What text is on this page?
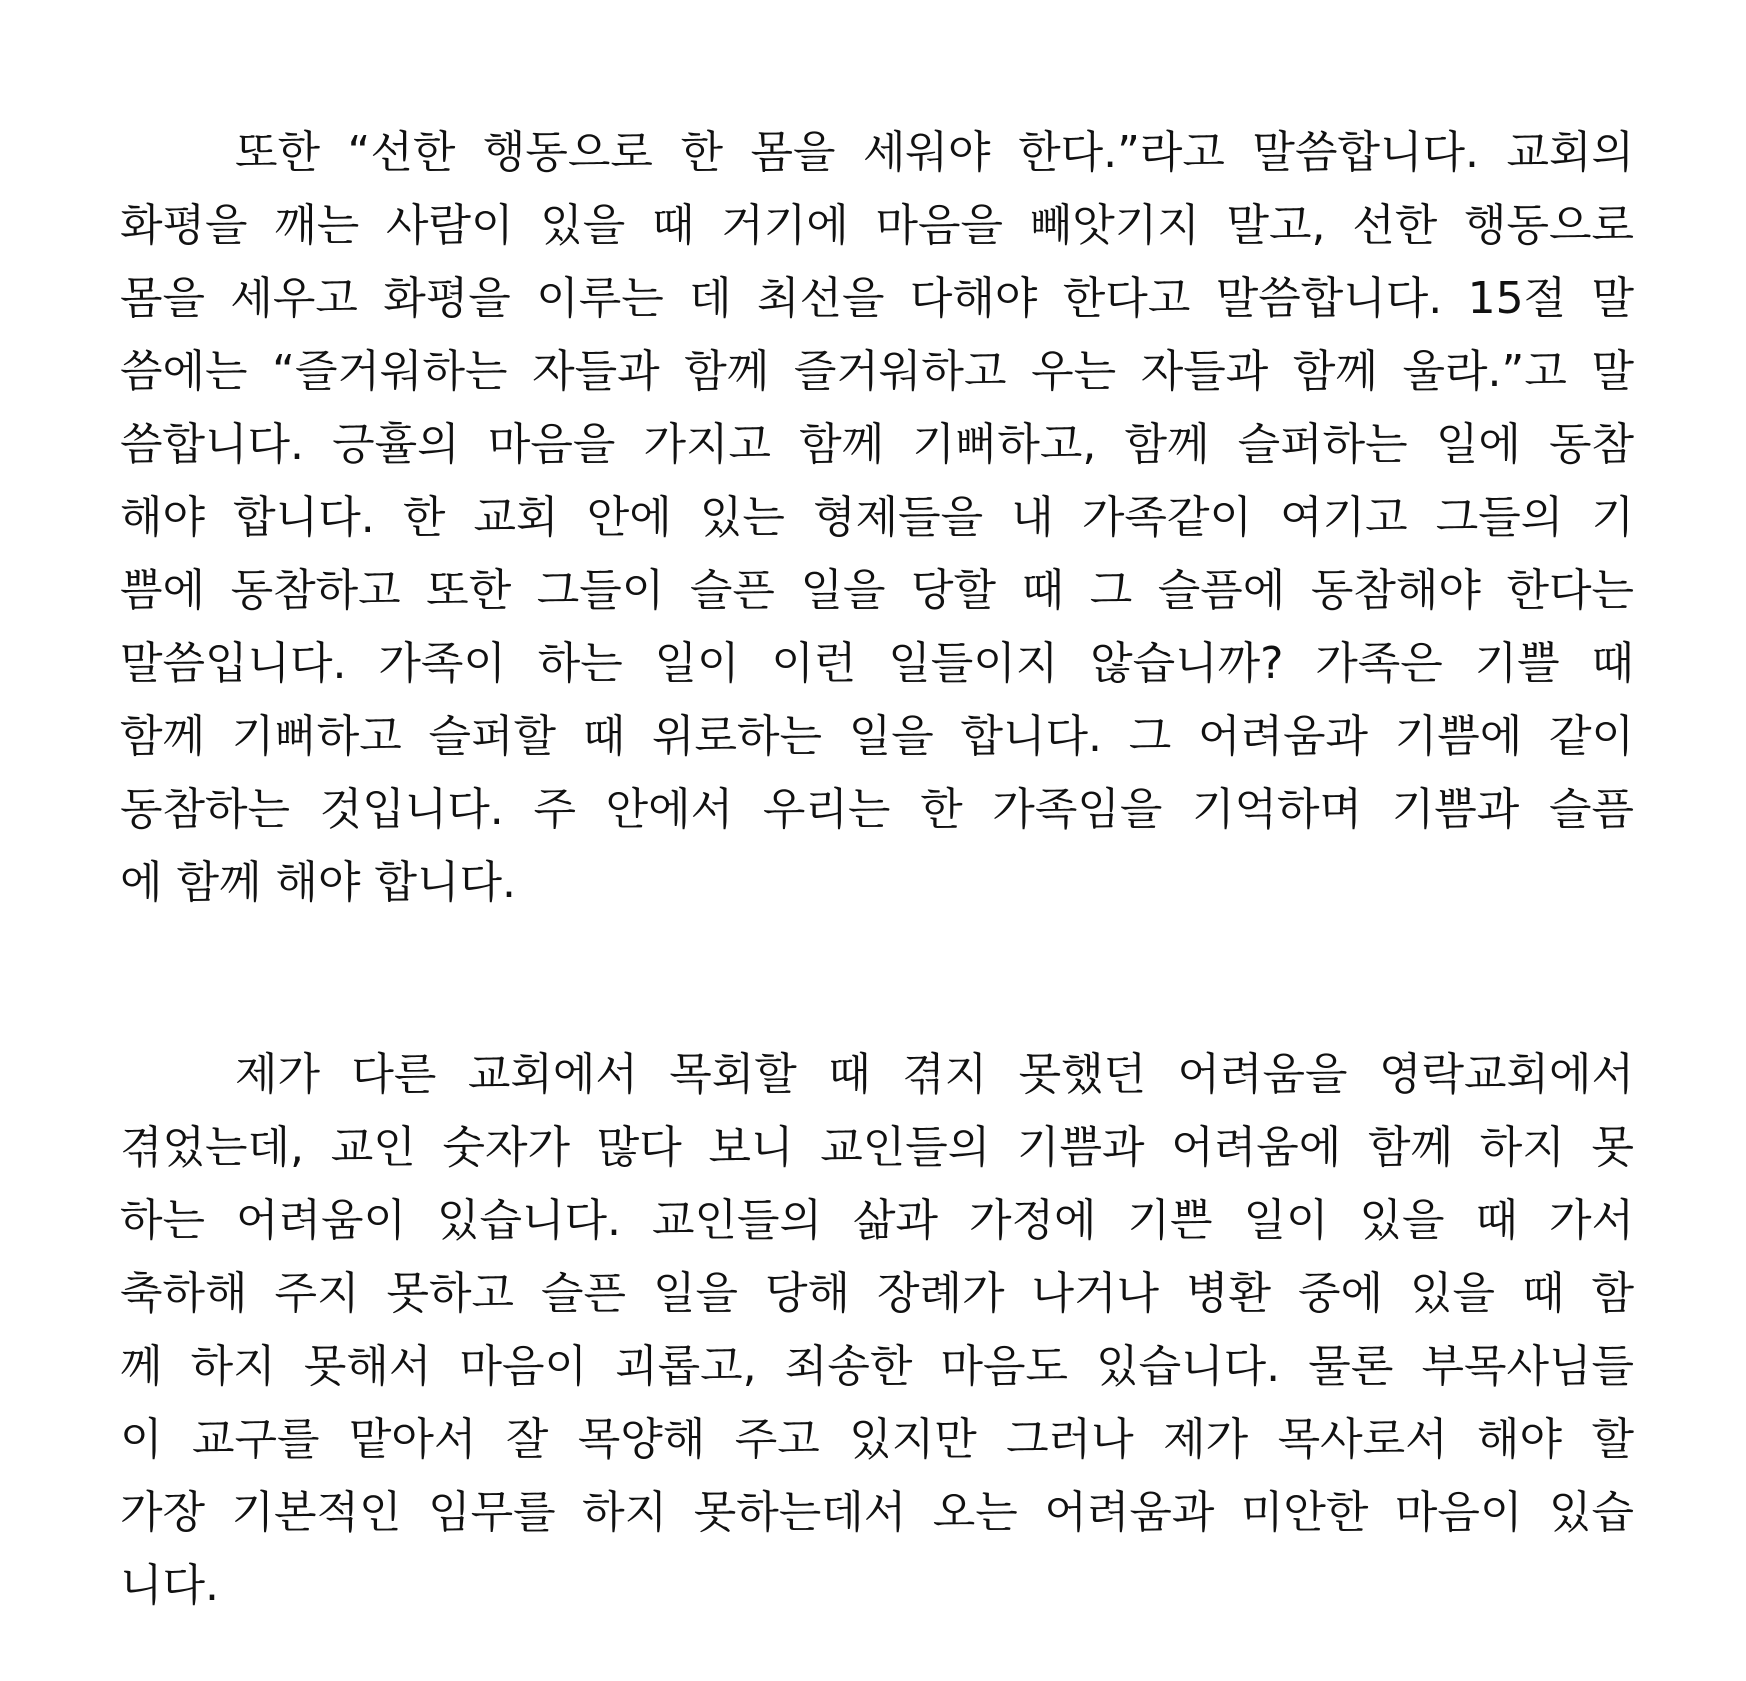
또한 “선한 행동으로 한 몸을 세워야 한다.”라고 말씀합니다. 교회의
화평을 깨는 사람이 있을 때 거기에 마음을 빼앗기지 말고, 선한 행동으로
몸을 세우고 화평을 이루는 데 최선을 다해야 한다고 말씀합니다. 15절 말
씀에는 “즐거워하는 자들과 함께 즐거워하고 우는 자들과 함께 울라.”고 말
씀합니다. 긍휼의 마음을 가지고 함께 기뻐하고, 함께 슬퍼하는 일에 동참
해야 합니다. 한 교회 안에 있는 형제들을 내 가족같이 여기고 그들의 기
쁨에 동참하고 또한 그들이 슬픈 일을 당할 때 그 슬픔에 동참해야 한다는
말씀입니다. 가족이 하는 일이 이런 일들이지 않습니까? 가족은 기쁠 때
함께 기뻐하고 슬퍼할 때 위로하는 일을 합니다. 그 어려움과 기쁨에 같이
동참하는 것입니다. 주 안에서 우리는 한 가족임을 기억하며 기쁨과 슬픔
에 함께 해야 합니다.
제가 다른 교회에서 목회할 때 겪지 못했던 어려움을 영락교회에서
겪었는데, 교인 숫자가 많다 보니 교인들의 기쁨과 어려움에 함께 하지 못
하는 어려움이 있습니다. 교인들의 삶과 가정에 기쁜 일이 있을 때 가서
축하해 주지 못하고 슬픈 일을 당해 장례가 나거나 병환 중에 있을 때 함
께 하지 못해서 마음이 괴롭고, 죄송한 마음도 있습니다. 물론 부목사님들
이 교구를 맡아서 잘 목양해 주고 있지만 그러나 제가 목사로서 해야 할
가장 기본적인 임무를 하지 못하는데서 오는 어려움과 미안한 마음이 있습
니다.
